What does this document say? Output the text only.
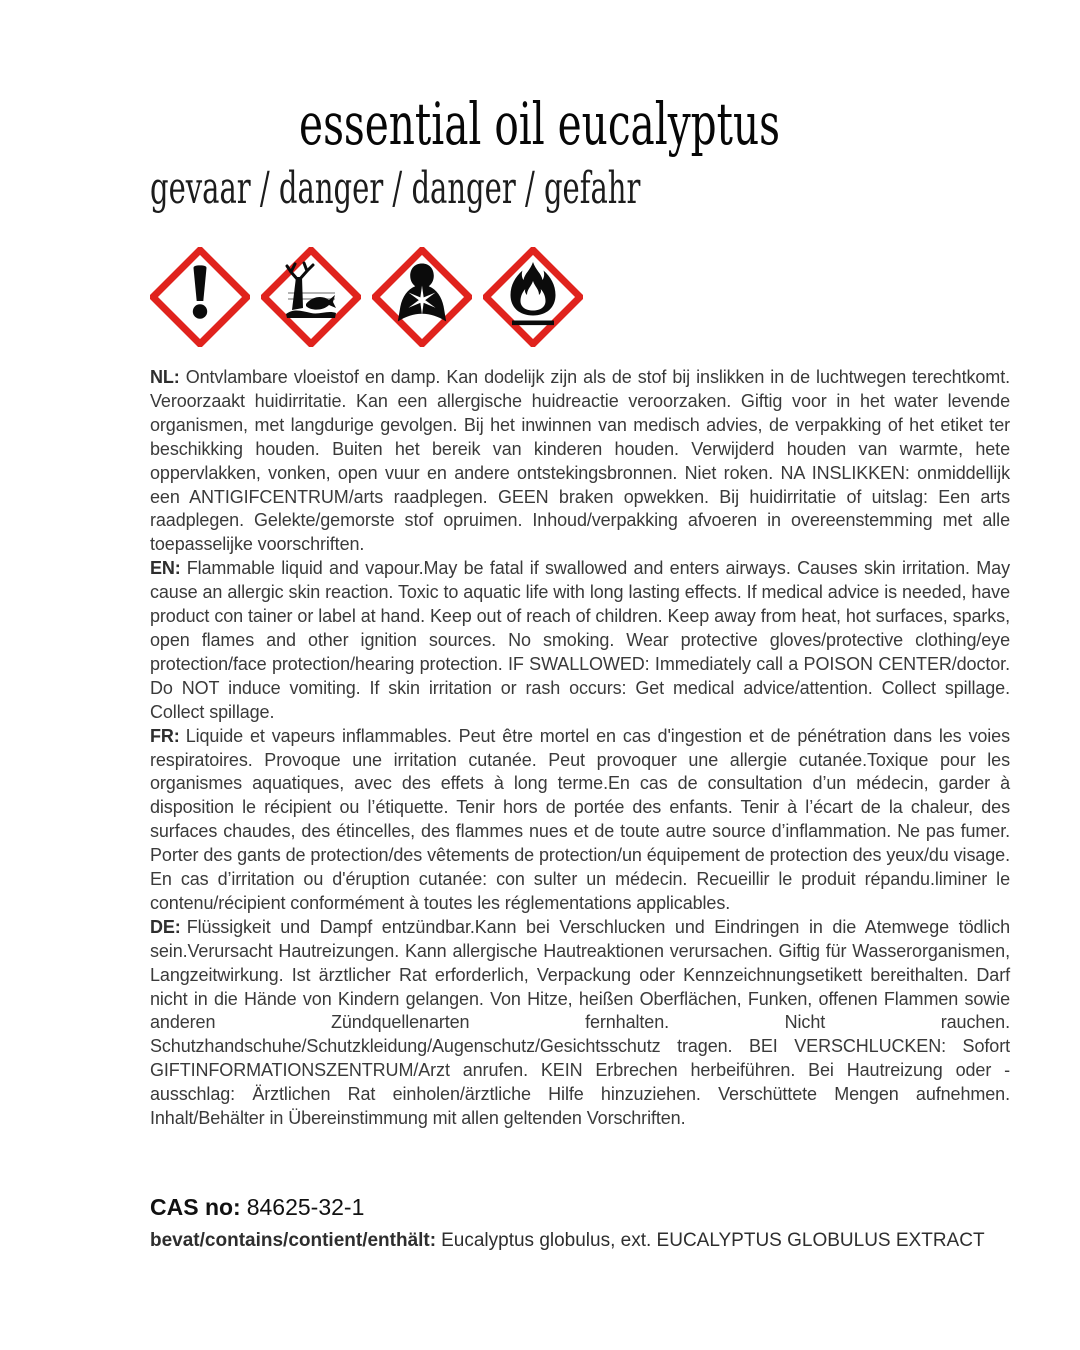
essential oil eucalyptus
gevaar / danger / danger / gefahr

NL: Ontvlambare vloeistof en damp. Kan dodelijk zijn als de stof bij inslikken in de luchtwegen terechtkomt. Veroorzaakt huidirritatie. Kan een allergische huidreactie veroorzaken. Giftig voor in het water levende organismen, met langdurige gevolgen. Bij het inwinnen van medisch advies, de verpakking of het etiket ter beschikking houden. Buiten het bereik van kinderen houden. Verwijderd houden van warmte, hete oppervlakken, vonken, open vuur en andere ontstekingsbronnen. Niet roken. NA INSLIKKEN: onmiddellijk een ANTIGIFCENTRUM/arts raadplegen. GEEN braken opwekken. Bij huidirritatie of uitslag: Een arts raadplegen. Gelekte/gemorste stof opruimen. Inhoud/verpakking afvoeren in overeenstemming met alle toepasselijke voorschriften.

EN: Flammable liquid and vapour.May be fatal if swallowed and enters airways. Causes skin irritation. May cause an allergic skin reaction. Toxic to aquatic life with long lasting effects. If medical advice is needed, have product con tainer or label at hand. Keep out of reach of children. Keep away from heat, hot surfaces, sparks, open flames and other ignition sources. No smoking. Wear protective gloves/protective clothing/eye protection/face protection/hearing protection. IF SWALLOWED: Immediately call a POISON CENTER/doctor. Do NOT induce vomiting. If skin irritation or rash occurs: Get medical advice/attention. Collect spillage. Collect spillage.

FR: Liquide et vapeurs inflammables. Peut être mortel en cas d'ingestion et de pénétration dans les voies respiratoires. Provoque une irritation cutanée. Peut provoquer une allergie cutanée.Toxique pour les organismes aquatiques, avec des effets à long terme.En cas de consultation d’un médecin, garder à disposition le récipient ou l’étiquette. Tenir hors de portée des enfants. Tenir à l’écart de la chaleur, des surfaces chaudes, des étincelles, des flammes nues et de toute autre source d’inflammation. Ne pas fumer. Porter des gants de protection/des vêtements de protection/un équipement de protection des yeux/du visage. En cas d’irritation ou d'éruption cutanée: con sulter un médecin. Recueillir le produit répandu.liminer le contenu/récipient conformément à toutes les réglementations applicables.

DE: Flüssigkeit und Dampf entzündbar.Kann bei Verschlucken und Eindringen in die Atemwege tödlich sein.Verursacht Hautreizungen. Kann allergische Hautreaktionen verursachen. Giftig für Wasserorganismen, Langzeitwirkung. Ist ärztlicher Rat erforderlich, Verpackung oder Kennzeichnungsetikett bereithalten. Darf nicht in die Hände von Kindern gelangen. Von Hitze, heißen Oberflächen, Funken, offenen Flammen sowie anderen Zündquellenarten fernhalten. Nicht rauchen. Schutzhandschuhe/Schutzkleidung/Augenschutz/Gesichtsschutz tragen. BEI VERSCHLUCKEN: Sofort GIFTINFORMATIONSZENTRUM/Arzt anrufen. KEIN Erbrechen herbeiführen. Bei Hautreizung oder - ausschlag: Ärztlichen Rat einholen/ärztliche Hilfe hinzuziehen. Verschüttete Mengen aufnehmen. Inhalt/Behälter in Übereinstimmung mit allen geltenden Vorschriften.

CAS no: 84625-32-1
bevat/contains/contient/enthält: Eucalyptus globulus, ext. EUCALYPTUS GLOBULUS EXTRACT
